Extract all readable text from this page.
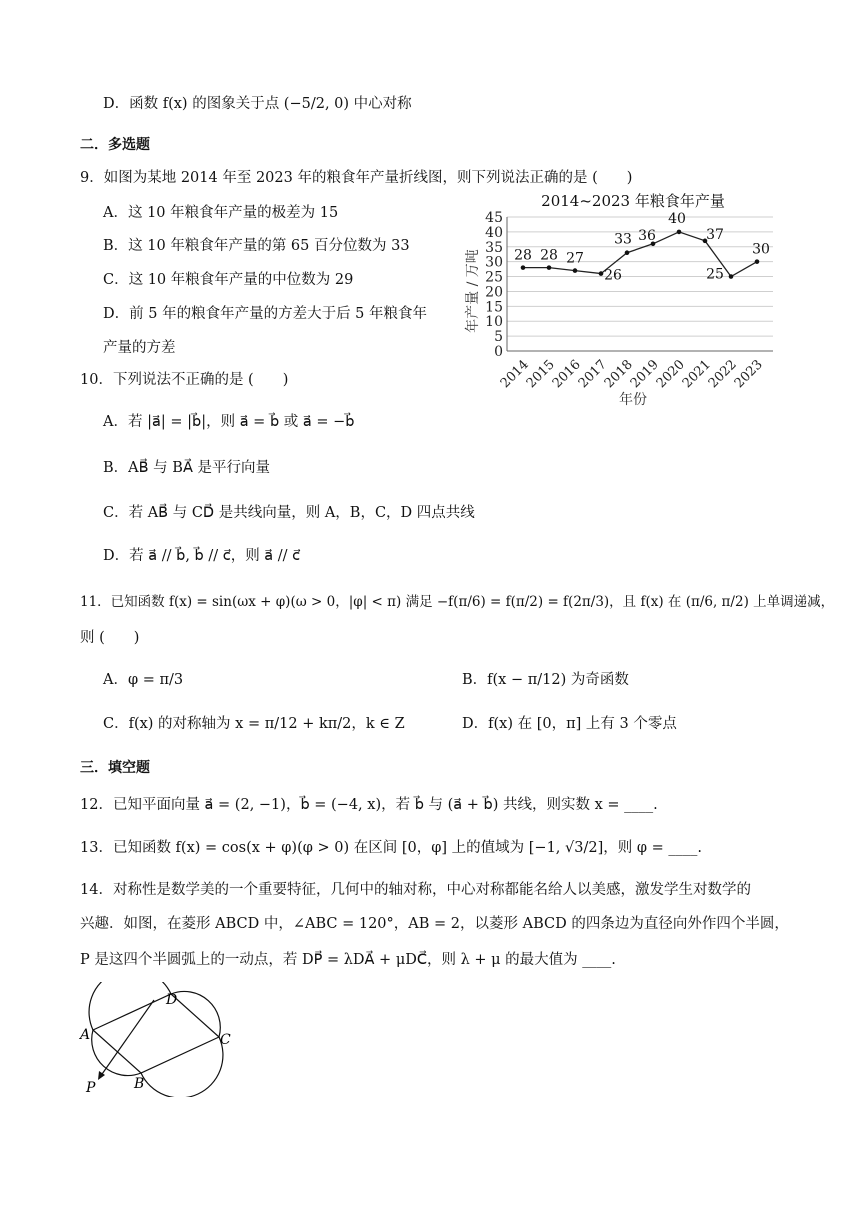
D．函数 f(x) 的图象关于点 (−5/2, 0) 中心对称
二．多选题
9．如图为某地 2014 年至 2023 年的粮食年产量折线图，则下列说法正确的是 (　　)
A．这 10 年粮食年产量的极差为 15
B．这 10 年粮食年产量的第 65 百分位数为 33
C．这 10 年粮食年产量的中位数为 29
D．前 5 年的粮食年产量的方差大于后 5 年粮食年
产量的方差
10．下列说法不正确的是 (　　)
A．若 |a⃗| = |b⃗|，则 a⃗ = b⃗ 或 a⃗ = −b⃗
B．AB⃗ 与 BA⃗ 是平行向量
C．若 AB⃗ 与 CD⃗ 是共线向量，则 A，B，C，D 四点共线
D．若 a⃗ // b⃗, b⃗ // c⃗，则 a⃗ // c⃗
11．已知函数 f(x) = sin(ωx + φ)(ω > 0，|φ| < π) 满足 −f(π/6) = f(π/2) = f(2π/3)，且 f(x) 在 (π/6, π/2) 上单调递减，
则 (　　)
A．φ = π/3	B．f(x − π/12) 为奇函数
C．f(x) 的对称轴为 x = π/12 + kπ/2，k ∈ Z	D．f(x) 在 [0，π] 上有 3 个零点
三．填空题
12．已知平面向量 a⃗ = (2, −1)，b⃗ = (−4, x)，若 b⃗ 与 (a⃗ + b⃗) 共线，则实数 x = ____.
13．已知函数 f(x) = cos(x + φ)(φ > 0) 在区间 [0，φ] 上的值域为 [−1, √3/2]，则 φ = ____.
14．对称性是数学美的一个重要特征，几何中的轴对称，中心对称都能名给人以美感，激发学生对数学的
兴趣．如图，在菱形 ABCD 中，∠ABC = 120°，AB = 2，以菱形 ABCD 的四条边为直径向外作四个半圆，
P 是这四个半圆弧上的一动点，若 DP⃗ = λDA⃗ + μDC⃗，则 λ + μ 的最大值为 ____.
2014~2023 年粮食年产量
年产量 / 万吨
年份
0
5
10
15
20
25
30
35
40
45
2014
2015
2016
2017
2018
2019
2020
2021
2022
2023
28 28 27
26
33 36
40
37
25
30
A
B
C
D
P
